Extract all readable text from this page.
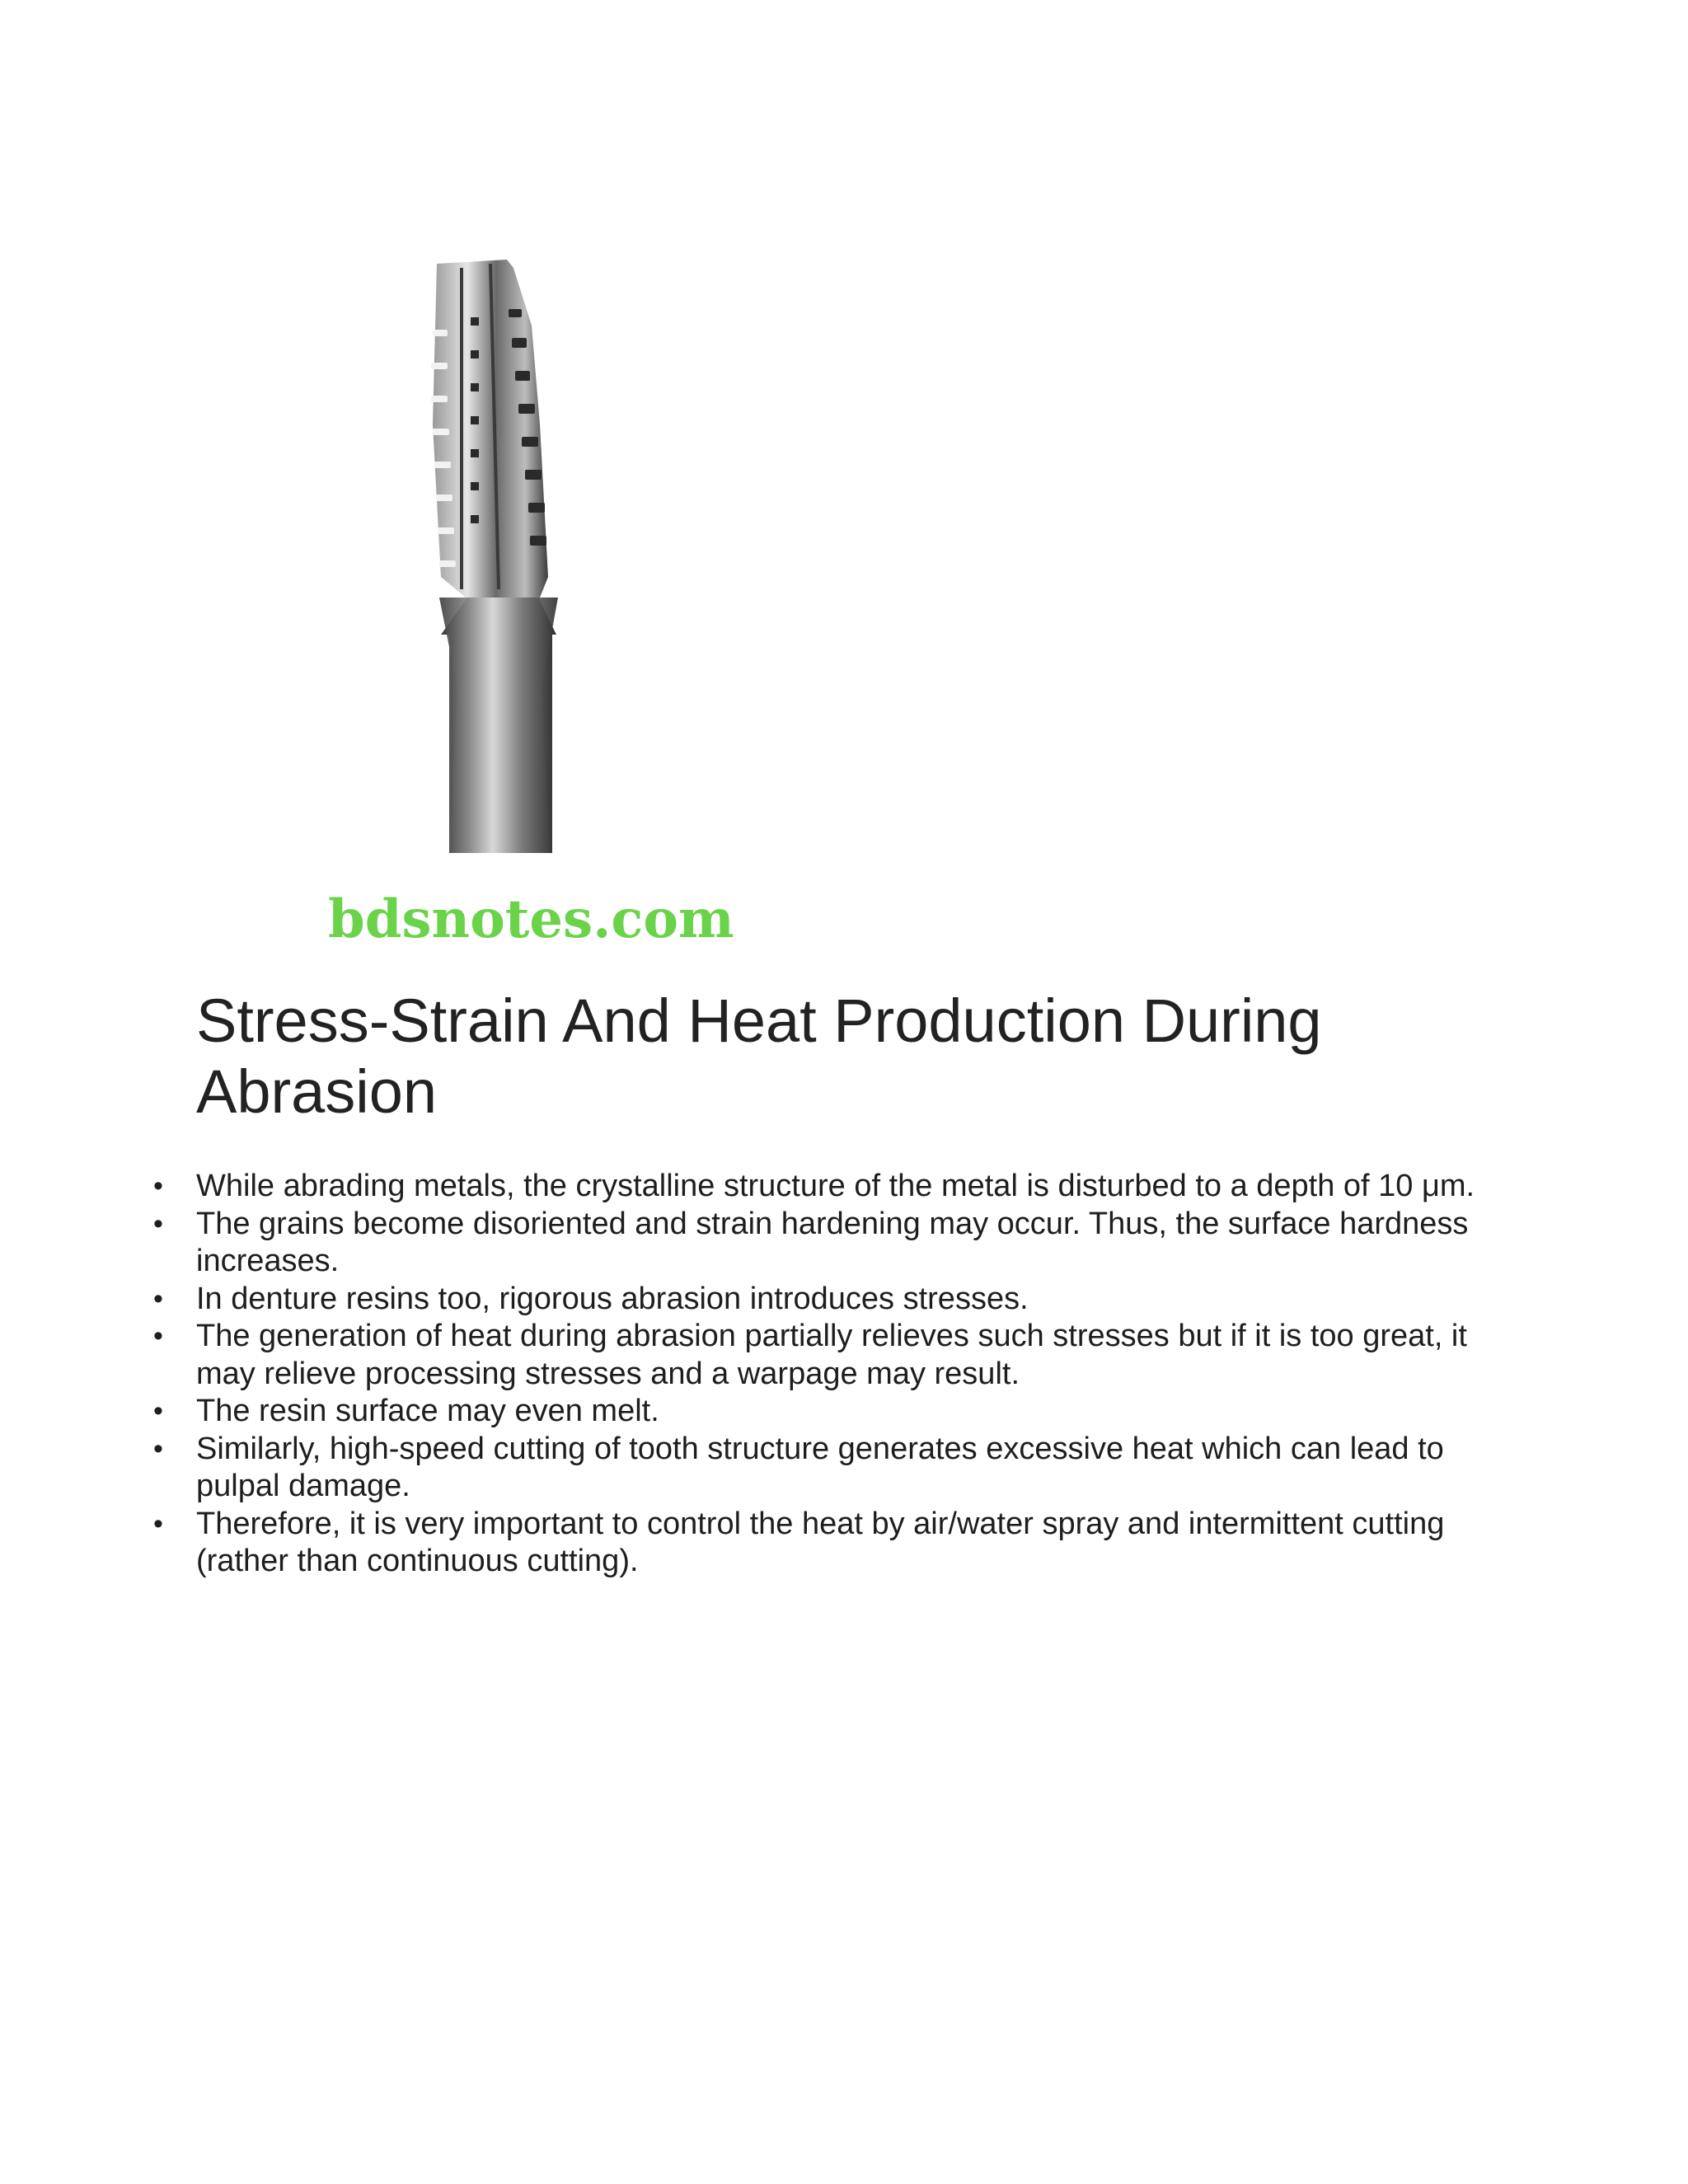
bdsnotes.com
Stress-Strain And Heat Production During Abrasion
• While abrading metals, the crystalline structure of the metal is disturbed to a depth of 10 μm.
• The grains become disoriented and strain hardening may occur. Thus, the surface hardness increases.
• In denture resins too, rigorous abrasion introduces stresses.
• The generation of heat during abrasion partially relieves such stresses but if it is too great, it may relieve processing stresses and a warpage may result.
• The resin surface may even melt.
• Similarly, high-speed cutting of tooth structure generates excessive heat which can lead to pulpal damage.
• Therefore, it is very important to control the heat by air/water spray and intermittent cutting (rather than continuous cutting).
